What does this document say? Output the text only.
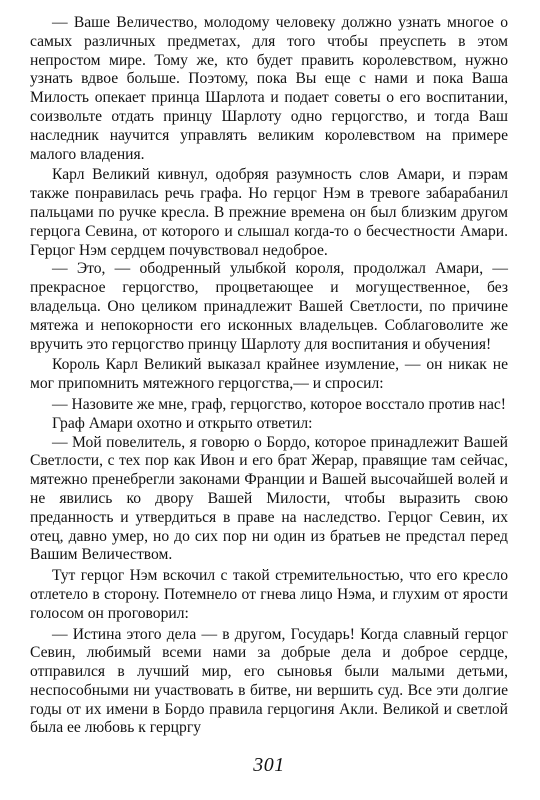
— Ваше Величество, молодому человеку должно узнать многое о самых различных предметах, для того чтобы преуспеть в этом непростом мире. Тому же, кто будет править королевством, нужно узнать вдвое больше. Поэтому, пока Вы еще с нами и пока Ваша Милость опекает принца Шарлота и подает советы о его воспитании, соизвольте отдать принцу Шарлоту одно герцогство, и тогда Ваш наследник научится управлять великим королевством на примере малого владения.

Карл Великий кивнул, одобряя разумность слов Амари, и пэрам также понравилась речь графа. Но герцог Нэм в тревоге забарабанил пальцами по ручке кресла. В прежние времена он был близким другом герцога Севина, от которого и слышал когда-то о бесчестности Амари. Герцог Нэм сердцем почувствовал недоброе.

— Это, — ободренный улыбкой короля, продолжал Амари, — прекрасное герцогство, процветающее и могущественное, без владельца. Оно целиком принадлежит Вашей Светлости, по причине мятежа и непокорности его исконных владельцев. Соблаговолите же вручить это герцогство принцу Шарлоту для воспитания и обучения!

Король Карл Великий выказал крайнее изумление, — он никак не мог припомнить мятежного герцогства,— и спросил:

— Назовите же мне, граф, герцогство, которое восстало против нас!

Граф Амари охотно и открыто ответил:

— Мой повелитель, я говорю о Бордо, которое принадлежит Вашей Светлости, с тех пор как Ивон и его брат Жерар, правящие там сейчас, мятежно пренебрегли законами Франции и Вашей высочайшей волей и не явились ко двору Вашей Милости, чтобы выразить свою преданность и утвердиться в праве на наследство. Герцог Севин, их отец, давно умер, но до сих пор ни один из братьев не предстал перед Вашим Величеством.

Тут герцог Нэм вскочил с такой стремительностью, что его кресло отлетело в сторону. Потемнело от гнева лицо Нэма, и глухим от ярости голосом он проговорил:

— Истина этого дела — в другом, Государь! Когда славный герцог Севин, любимый всеми нами за добрые дела и доброе сердце, отправился в лучший мир, его сыновья были малыми детьми, неспособными ни участвовать в битве, ни вершить суд. Все эти долгие годы от их имени в Бордо правила герцогиня Акли. Великой и светлой была ее любовь к герцргу

301
